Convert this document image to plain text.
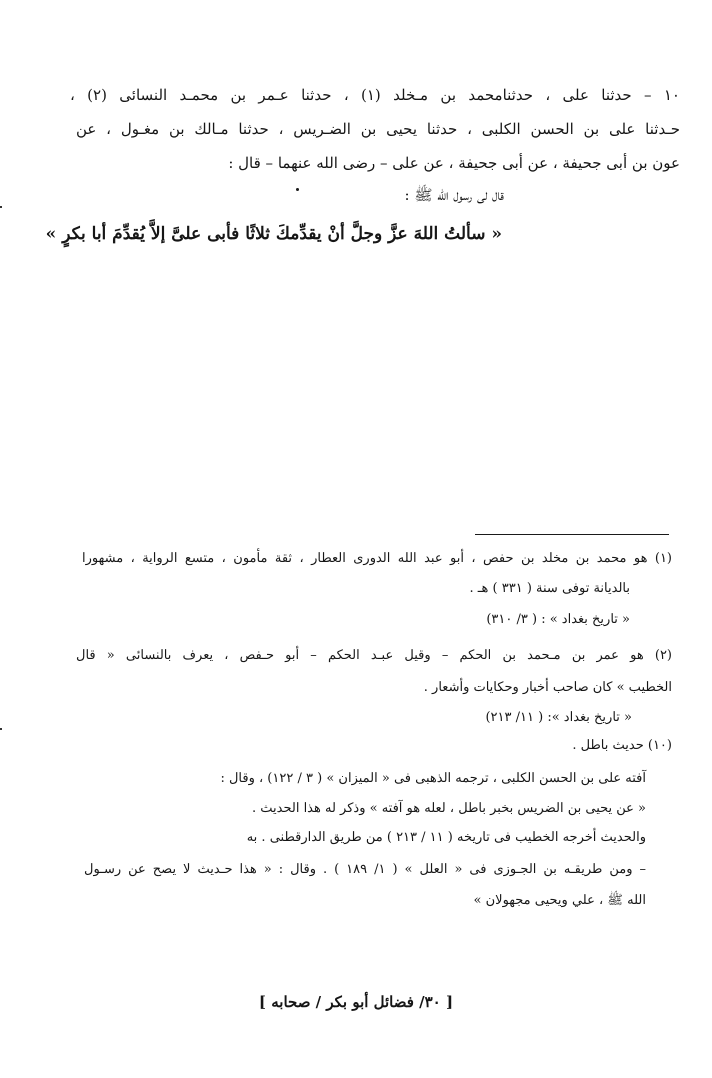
١٠ – حدثنا على ، حدثنامحمد بن مـخلد (١) ، حدثنا عـمر بن محمـد النسائى (٢) ،
حـدثنا على بن الحسن الكلبى ، حدثنا يحيى بن الضـريس ، حدثنا مـالك بن مغـول ، عن
عون بن أبى جحيفة ، عن أبى جحيفة ، عن على – رضى الله عنهما – قال :
قال لى رسول الله ﷺ :
« سألتُ اللهَ عزَّ وجلَّ أنْ يقدِّمكَ ثلاثًا فأبى علىَّ إلاَّ يُقدِّمَ أبا بكرٍ »
(١) هو محمد بن مخلد بن حفص ، أبو عبد الله الدورى العطار ، ثقة مأمون ، متسع الرواية ، مشهورا
بالديانة توفى سنة ( ٣٣١ ) هـ .
« تاريخ بغداد » : ( ٣/ ٣١٠)
(٢) هو عمر بن مـحمد بن الحكم – وقيل عبـد الحكم – أبو حـفص ، يعرف بالنسائى « قال
الخطيب » كان صاحب أخبار وحكايات وأشعار .
« تاريخ بغداد »: ( ١١/ ٢١٣)
(١٠) حديث باطل .
آفته على بن الحسن الكلبى ، ترجمه الذهبى فى « الميزان » ( ٣ / ١٢٢) ، وقال :
« عن يحيى بن الضريس بخبر باطل ، لعله هو آفته » وذكر له هذا الحديث .
والحديث أخرجه الخطيب فى تاريخه ( ١١ / ٢١٣ ) من طريق الدارقطنى . به
– ومن طريقـه بن الجـوزى فى « العلل » ( ١/ ١٨٩ ) . وقال : « هذا حـديث لا يصح عن رسـول
الله ﷺ ، علي ويحيى مجهولان »
[ ٣٠/ فضائل أبو بكر / صحابه ]
